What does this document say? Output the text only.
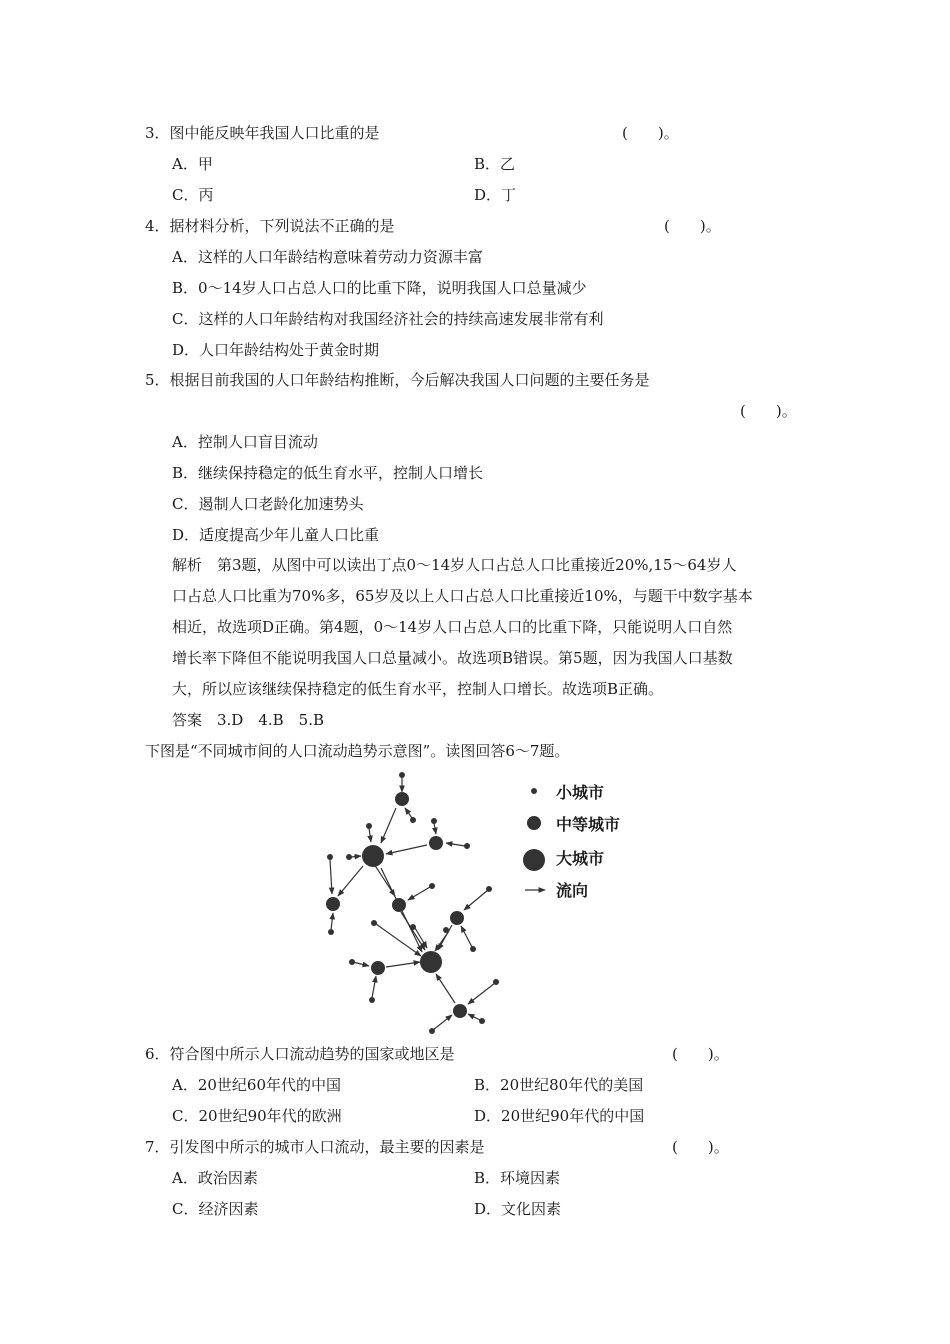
3．图中能反映年我国人口比重的是	(　　)。
A．甲	B．乙
C．丙	D．丁
4．据材料分析，下列说法不正确的是	(　　)。
A．这样的人口年龄结构意味着劳动力资源丰富
B．0～14岁人口占总人口的比重下降，说明我国人口总量减少
C．这样的人口年龄结构对我国经济社会的持续高速发展非常有利
D．人口年龄结构处于黄金时期
5．根据目前我国的人口年龄结构推断，今后解决我国人口问题的主要任务是
(　　)。
A．控制人口盲目流动
B．继续保持稳定的低生育水平，控制人口增长
C．遏制人口老龄化加速势头
D．适度提高少年儿童人口比重
解析　第3题，从图中可以读出丁点0～14岁人口占总人口比重接近20%,15～64岁人
口占总人口比重为70%多，65岁及以上人口占总人口比重接近10%，与题干中数字基本
相近，故选项D正确。第4题，0～14岁人口占总人口的比重下降，只能说明人口自然
增长率下降但不能说明我国人口总量减小。故选项B错误。第5题，因为我国人口基数
大，所以应该继续保持稳定的低生育水平，控制人口增长。故选项B正确。
答案　3.D　4.B　5.B
下图是“不同城市间的人口流动趋势示意图”。读图回答6～7题。
小城市
中等城市
大城市
流向
6．符合图中所示人口流动趋势的国家或地区是	(　　)。
A．20世纪60年代的中国	B．20世纪80年代的美国
C．20世纪90年代的欧洲	D．20世纪90年代的中国
7．引发图中所示的城市人口流动，最主要的因素是	(　　)。
A．政治因素	B．环境因素
C．经济因素	D．文化因素
